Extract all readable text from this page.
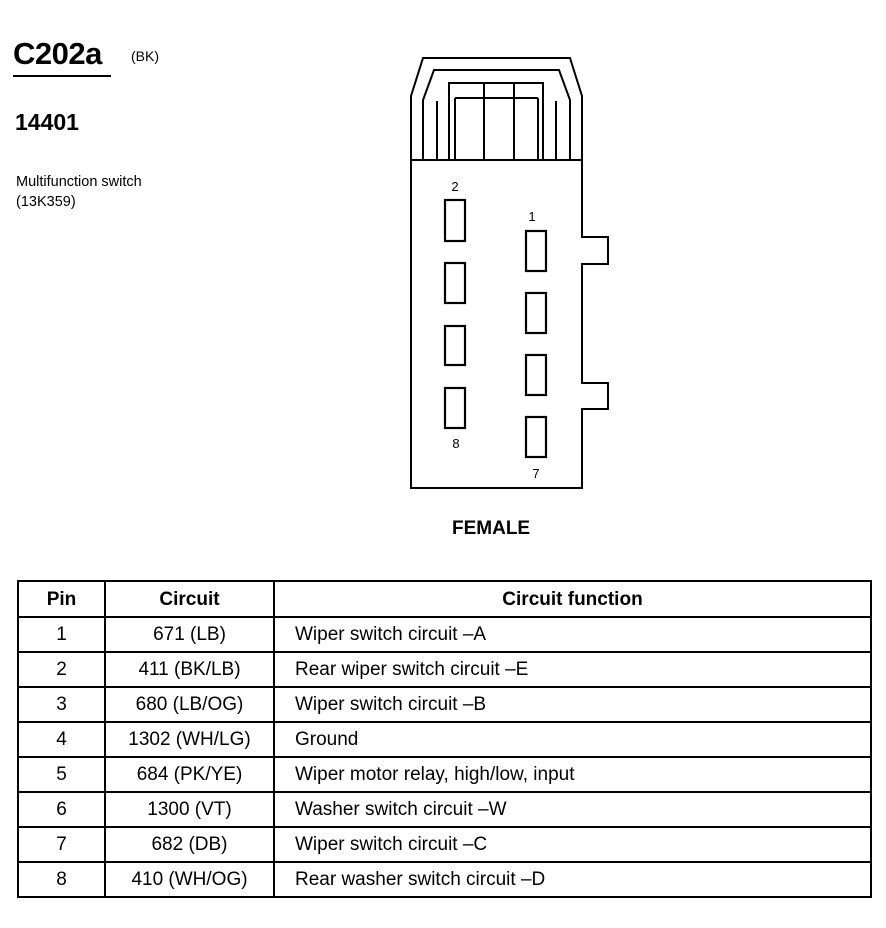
C202a (BK)
14401
Multifunction switch
(13K359)
1
2
7
8
FEMALE
Pin	Circuit	Circuit function
1	671 (LB)	Wiper switch circuit –A
2	411 (BK/LB)	Rear wiper switch circuit –E
3	680 (LB/OG)	Wiper switch circuit –B
4	1302 (WH/LG)	Ground
5	684 (PK/YE)	Wiper motor relay, high/low, input
6	1300 (VT)	Washer switch circuit –W
7	682 (DB)	Wiper switch circuit –C
8	410 (WH/OG)	Rear washer switch circuit –D
